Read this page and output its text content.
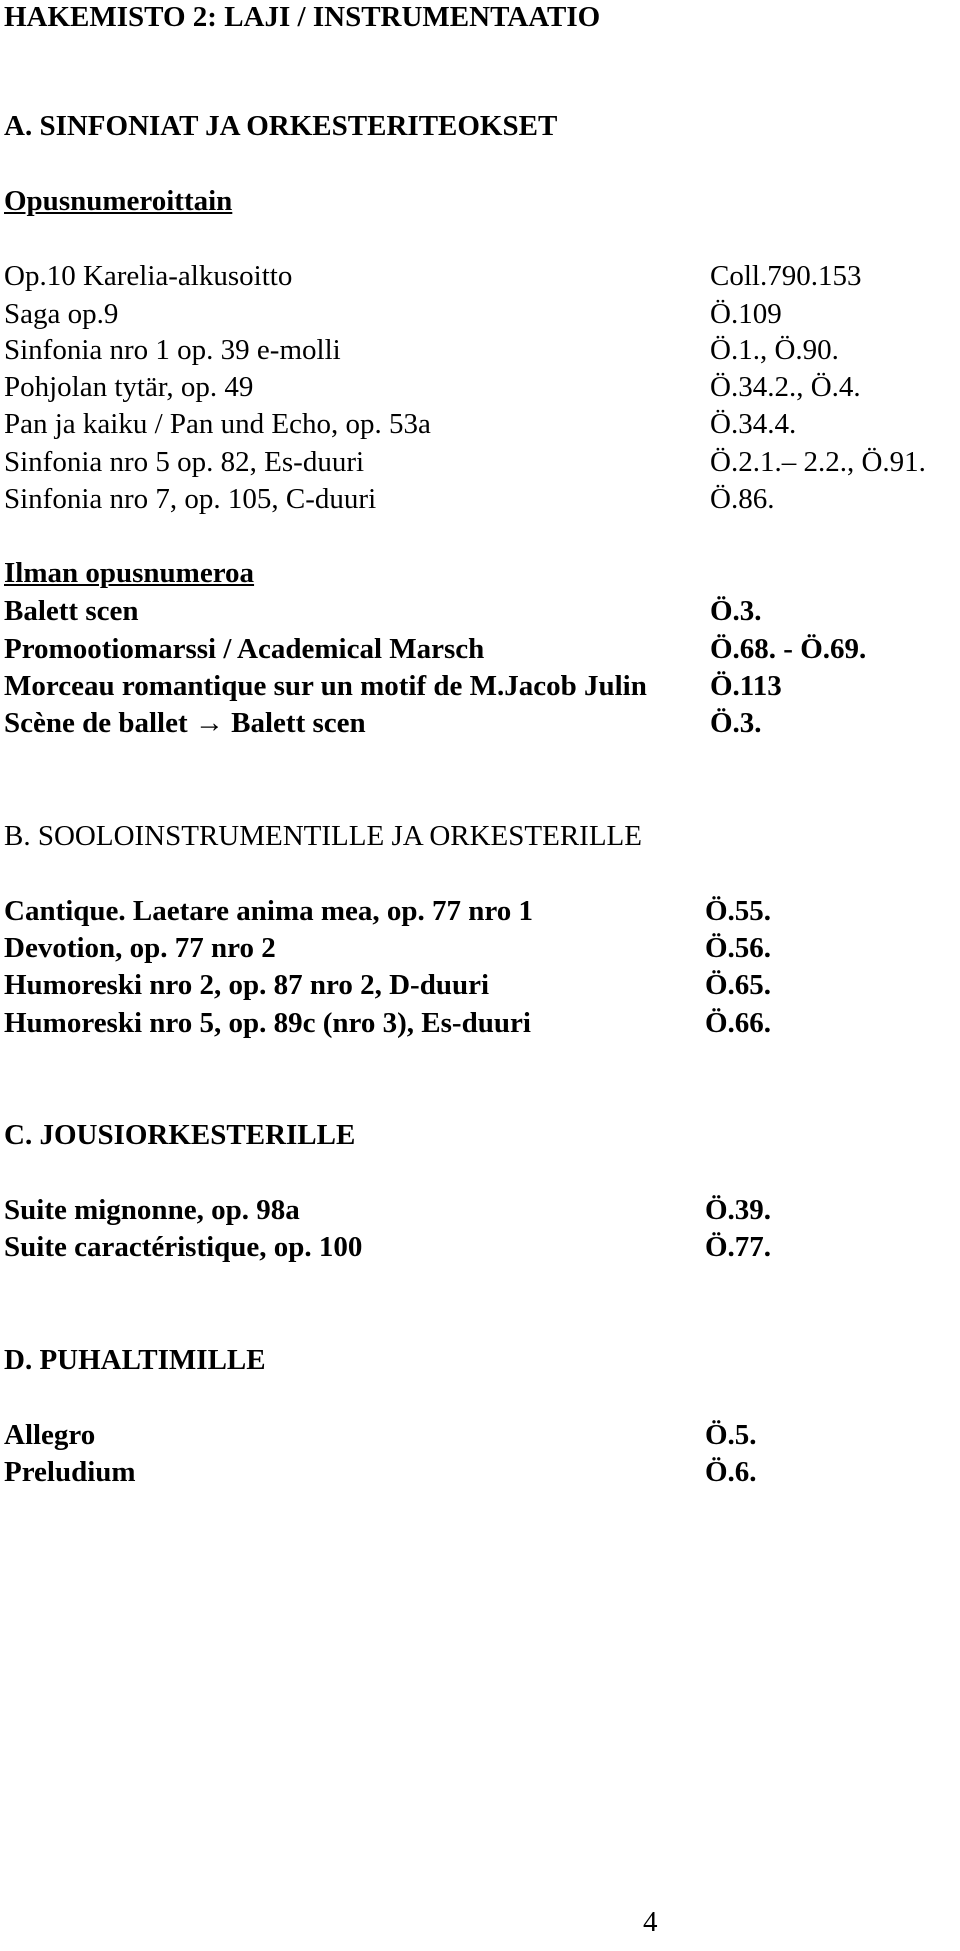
HAKEMISTO 2: LAJI / INSTRUMENTAATIO
A. SINFONIAT JA ORKESTERITEOKSET
Opusnumeroittain
Op.10 Karelia-alkusoitto	Coll.790.153
Saga op.9	Ö.109
Sinfonia nro 1 op. 39 e-molli	Ö.1., Ö.90.
Pohjolan tytär, op. 49	Ö.34.2., Ö.4.
Pan ja kaiku / Pan und Echo, op. 53a	Ö.34.4.
Sinfonia nro 5 op. 82, Es-duuri	Ö.2.1.– 2.2., Ö.91.
Sinfonia nro 7, op. 105, C-duuri	Ö.86.
Ilman opusnumeroa
Balett scen	Ö.3.
Promootiomarssi / Academical Marsch	Ö.68. - Ö.69.
Morceau romantique sur un motif de M.Jacob Julin Ö.113
Scène de ballet → Balett scen	Ö.3.
B. SOOLOINSTRUMENTILLE JA ORKESTERILLE
Cantique. Laetare anima mea, op. 77 nro 1	Ö.55.
Devotion, op. 77 nro 2	Ö.56.
Humoreski nro 2, op. 87 nro 2, D-duuri	Ö.65.
Humoreski nro 5, op. 89c (nro 3), Es-duuri	Ö.66.
C. JOUSIORKESTERILLE
Suite mignonne, op. 98a	Ö.39.
Suite caractéristique, op. 100	Ö.77.
D. PUHALTIMILLE
Allegro	Ö.5.
Preludium	Ö.6.
4
